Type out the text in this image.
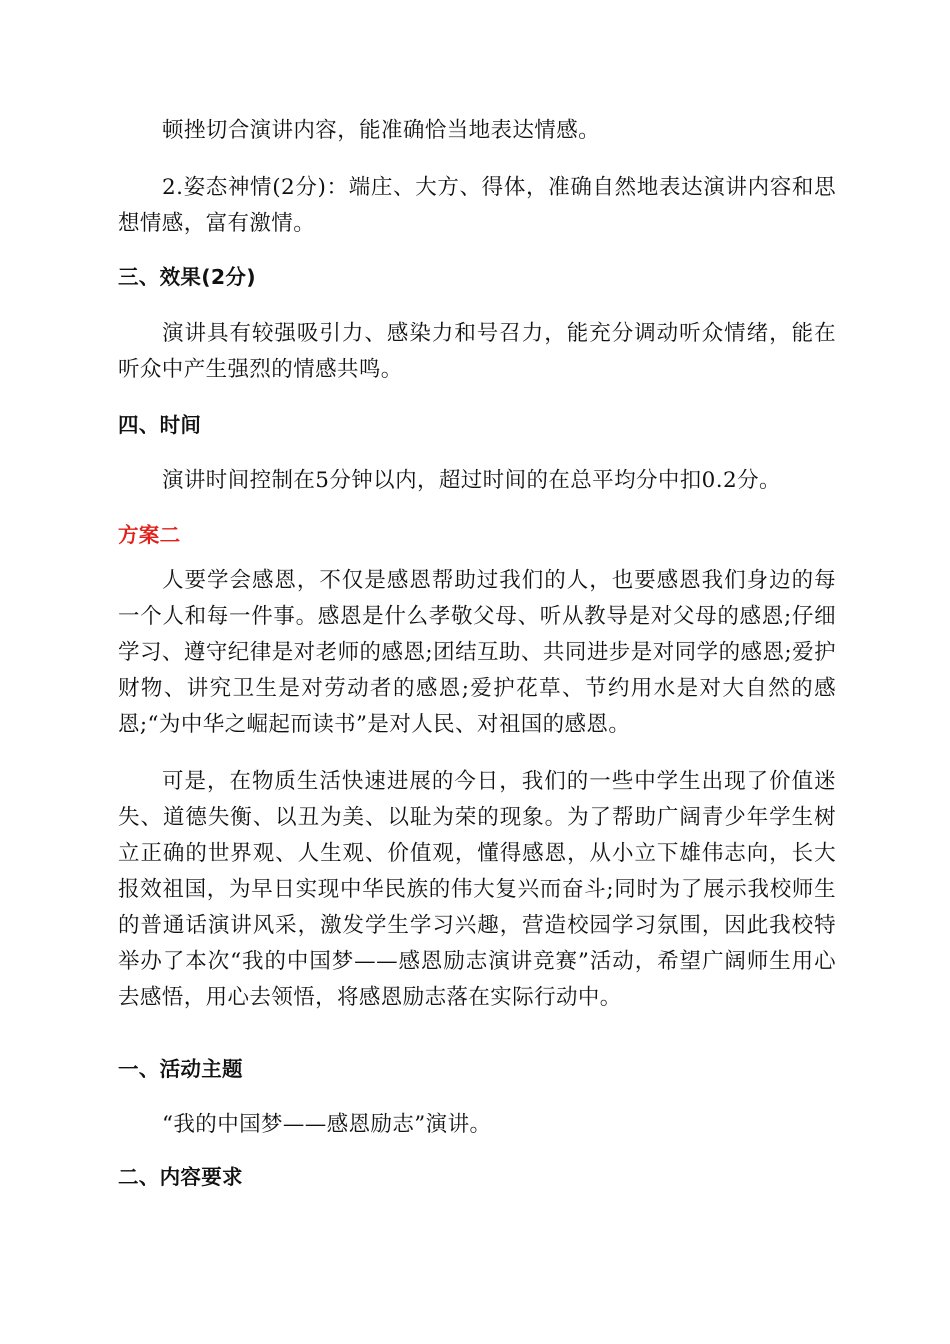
顿挫切合演讲内容，能准确恰当地表达情感。

2.姿态神情(2分)：端庄、大方、得体，准确自然地表达演讲内容和思想情感，富有激情。

三、效果(2分)

演讲具有较强吸引力、感染力和号召力，能充分调动听众情绪，能在听众中产生强烈的情感共鸣。

四、时间

演讲时间控制在5分钟以内，超过时间的在总平均分中扣0.2分。

方案二

人要学会感恩，不仅是感恩帮助过我们的人，也要感恩我们身边的每一个人和每一件事。感恩是什么孝敬父母、听从教导是对父母的感恩;仔细学习、遵守纪律是对老师的感恩;团结互助、共同进步是对同学的感恩;爱护财物、讲究卫生是对劳动者的感恩;爱护花草、节约用水是对大自然的感恩;“为中华之崛起而读书”是对人民、对祖国的感恩。

可是，在物质生活快速进展的今日，我们的一些中学生出现了价值迷失、道德失衡、以丑为美、以耻为荣的现象。为了帮助广阔青少年学生树立正确的世界观、人生观、价值观，懂得感恩，从小立下雄伟志向，长大报效祖国，为早日实现中华民族的伟大复兴而奋斗;同时为了展示我校师生的普通话演讲风采，激发学生学习兴趣，营造校园学习氛围，因此我校特举办了本次“我的中国梦——感恩励志演讲竞赛”活动，希望广阔师生用心去感悟，用心去领悟，将感恩励志落在实际行动中。

一、活动主题

“我的中国梦——感恩励志”演讲。

二、内容要求
